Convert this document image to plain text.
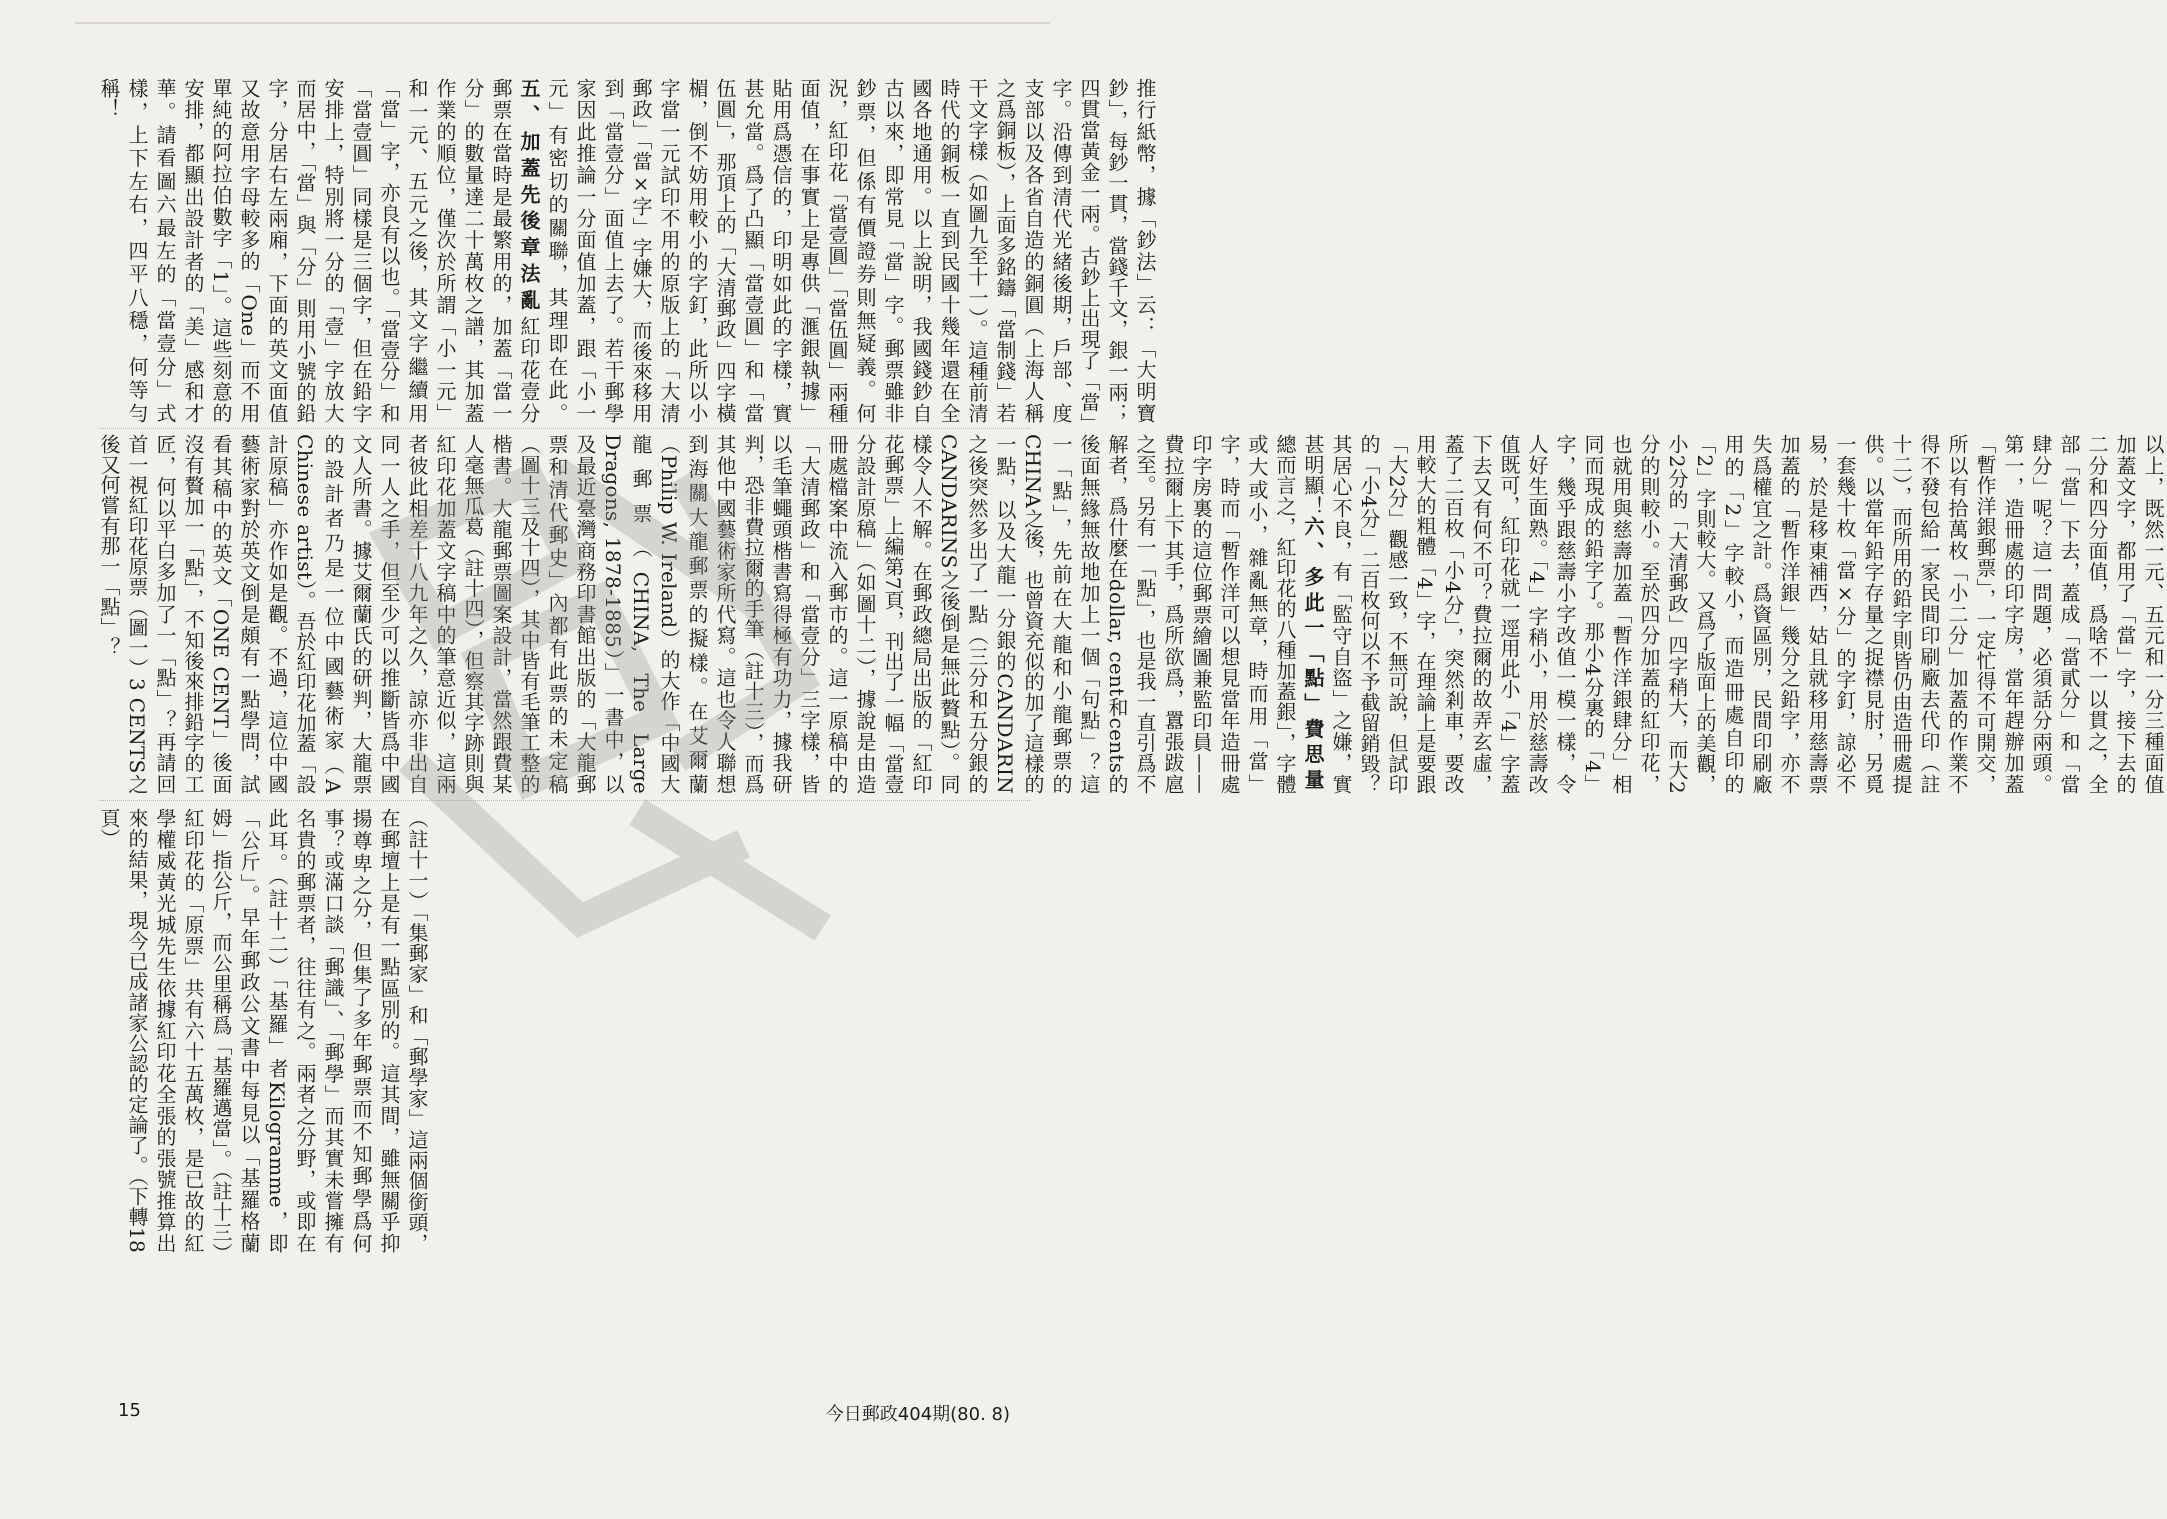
推行紙幣，據「鈔法」云：「大明寶鈔」，每鈔一貫，當錢千文，銀一兩；四貫當黃金一兩。古鈔上出現了「當」字。沿傳到清代光緒後期，戶部、度支部以及各省自造的銅圓（上海人稱之爲銅板），上面多銘鑄「當制錢」若干文字樣（如圖九至十一）。這種前清時代的銅板一直到民國十幾年還在全國各地通用。以上說明，我國錢鈔自古以來，即常見「當」字。郵票雖非鈔票，但係有價證券則無疑義。何況，紅印花「當壹圓」「當伍圓」兩種面值，在事實上是專供「滙銀執據」貼用爲憑信的，印明如此的字樣，實甚允當。爲了凸顯「當壹圓」和「當伍圓」，那頂上的「大清郵政」四字橫楣，倒不妨用較小的字釘，此所以小字當一元試印不用的原版上的「大清郵政」「當×字」字嫌大，而後來移用到「當壹分」面值上去了。若干郵學家因此推論一分面值加蓋，跟「小一元」有密切的關聯，其理即在此。五、加蓋先後章法亂紅印花壹分郵票在當時是最繁用的，加蓋「當一分」的數量達二十萬枚之譜，其加蓋作業的順位，僅次於所謂「小一元」和一元、五元之後，其文字繼續用「當」字，亦良有以也。「當壹分」和「當壹圓」同樣是三個字，但在鉛字安排上，特別將一分的「壹」字放大而居中，「當」與「分」則用小號的鉛字，分居右左兩廂，下面的英文面值又故意用字母較多的「One」而不用單純的阿拉伯數字「1」。這些刻意的安排，都顯出設計者的「美」感和才華。請看圖六最左的「當壹分」式樣，上下左右，四平八穩，何等勻稱！

以上，既然一元、五元和一分三種面值加蓋文字，都用了「當」字，接下去的二分和四分面值，爲啥不一以貫之，全部「當」下去，蓋成「當貳分」和「當肆分」呢？這一問題，必須話分兩頭。第一，造冊處的印字房，當年趕辦加蓋「暫作洋銀郵票」，一定忙得不可開交，所以有拾萬枚「小二分」加蓋的作業不得不發包給一家民間印刷廠去代印（註十二），而所用的鉛字則皆仍由造冊處提供。以當年鉛字存量之捉襟見肘，另覓一套幾十枚「當×分」的字釘，諒必不易，於是移東補西，姑且就移用慈壽票加蓋的「暫作洋銀」幾分之鉛字，亦不失爲權宜之計。爲資區別，民間印刷廠用的「2」字較小，而造冊處自印的「2」字則較大。又爲了版面上的美觀，小2分的「大清郵政」四字稍大，而大2分的則較小。至於四分加蓋的紅印花，也就用與慈壽加蓋「暫作洋銀肆分」相同而現成的鉛字了。那小4分裏的「4」字，幾乎跟慈壽小字改值一模一樣，令人好生面熟。「4」字稍小，用於慈壽改值既可，紅印花就一逕用此小「4」字蓋下去又有何不可？費拉爾的故弄玄虛，蓋了二百枚「小4分」，突然剎車，要改用較大的粗體「4」字，在理論上是要跟「大2分」觀感一致，不無可說，但試印的「小4分」二百枚何以不予截留銷毀？其居心不良，有「監守自盜」之嫌，實甚明顯！六、多此一「點」費思量總而言之，紅印花的八種加蓋銀」，字體或大或小，雜亂無章，時而用「當」字，時而「暫作洋可以想見當年造冊處印字房裏的這位郵票繪圖兼監印員——費拉爾上下其手，爲所欲爲，囂張跋扈之至。另有一「點」，也是我一直引爲不解者，爲什麼在dollar, cent和cents的後面無緣無故地加上一個「句點」？這一「點」，先前在大龍和小龍郵票的CHINA之後，也曾資充似的加了這樣的一點，以及大龍一分銀的CANDARIN之後突然多出了一點（三分和五分銀的CANDARINS之後倒是無此贅點）。同樣令人不解。在郵政總局出版的「紅印花郵票」上編第7頁，刊出了一幅「當壹分設計原稿」（如圖十二），據說是由造冊處檔案中流入郵市的。這一原稿中的「大清郵政」和「當壹分」三字樣，皆以毛筆蠅頭楷書寫得極有功力，據我研判，恐非費拉爾的手筆（註十三），而爲其他中國藝術家所代寫。這也令人聯想到海關大龍郵票的擬樣。在艾爾蘭（Philip W. Ireland）的大作「中國大龍郵票（CHINA, The Large Dragons, 1878-1885）」一書中，以及最近臺灣商務印書館出版的「大龍郵票和清代郵史」內都有此票的未定稿（圖十三及十四），其中皆有毛筆工整的楷書。大龍郵票圖案設計，當然跟費某人毫無瓜葛（註十四），但察其字跡則與紅印花加蓋文字稿中的筆意近似，這兩者彼此相差十八九年之久，諒亦非出自同一人之手，但至少可以推斷皆爲中國文人所書。據艾爾蘭氏的研判，大龍票的設計者乃是一位中國藝術家（A Chinese artist）。吾於紅印花加蓋「設計原稿」亦作如是觀。不過，這位中國藝術家對於英文倒是頗有一點學問，試看其稿中的英文「ONE CENT」後面沒有贅加一「點」，不知後來排鉛字的工匠，何以平白多加了一「點」？再請回首一視紅印花原票（圖一）3 CENTS之後又何嘗有那一「點」？

（註十一）「集郵家」和「郵學家」這兩個銜頭，在郵壇上是有一點區別的。這其間，雖無關乎抑揚尊卑之分，但集了多年郵票而不知郵學爲何事？或滿口談「郵識」、「郵學」而其實未嘗擁有名貴的郵票者，往往有之。兩者之分野，或即在此耳。（註十二）「基羅」者Kilogramme，即「公斤」。早年郵政公文書中每見以「基羅格蘭姆」指公斤，而公里稱爲「基羅邁當」。（註十三）紅印花的「原票」共有六十五萬枚，是已故的紅學權威黃光城先生依據紅印花全張的張號推算出來的結果，現今已成諸家公認的定論了。（下轉18頁）

15	今日郵政404期(80. 8)
